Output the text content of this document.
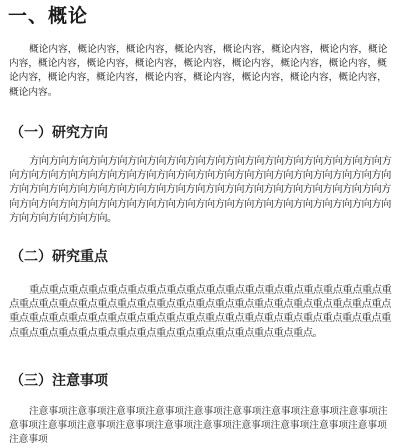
一、概论
概论内容，概论内容，概论内容，概论内容，概论内容，概论内容，概论内容，概论内容，概论内容，概论内容，概论内容，概论内容，概论内容，概论内容，概论内容，概论内容，概论内容，概论内容，概论内容，概论内容，概论内容，概论内容，概论内容，概论内容。
（一）研究方向
方向方向方向方向方向方向方向方向方向方向方向方向方向方向方向方向方向方向方向方向方向方向方向方向方向方向方向方向方向方向方向方向方向方向方向方向方向方向方向方向方向方向方向方向方向方向方向方向方向方向方向方向方向方向方向方向方向方向方向方向方向方向方向方向方向方向方向方向方向方向方向方向方向方向方向方向方向方向方向方向方向方向。
（二）研究重点
重点重点重点重点重点重点重点重点重点重点重点重点重点重点重点重点重点重点重点重点重点重点重点重点重点重点重点重点重点重点重点重点重点重点重点重点重点重点重点重点重点重点重点重点重点重点重点重点重点重点重点重点重点重点重点重点重点重点重点重点重点重点重点重点重点重点重点重点重点重点重点重点重点。
（三）注意事项
注意事项注意事项注意事项注意事项注意事项注意事项注意事项注意事项注意事项注意事项注意事项注意事项注意事项注意事项注意事项注意事项注意事项注意事项注意事项注意事项
